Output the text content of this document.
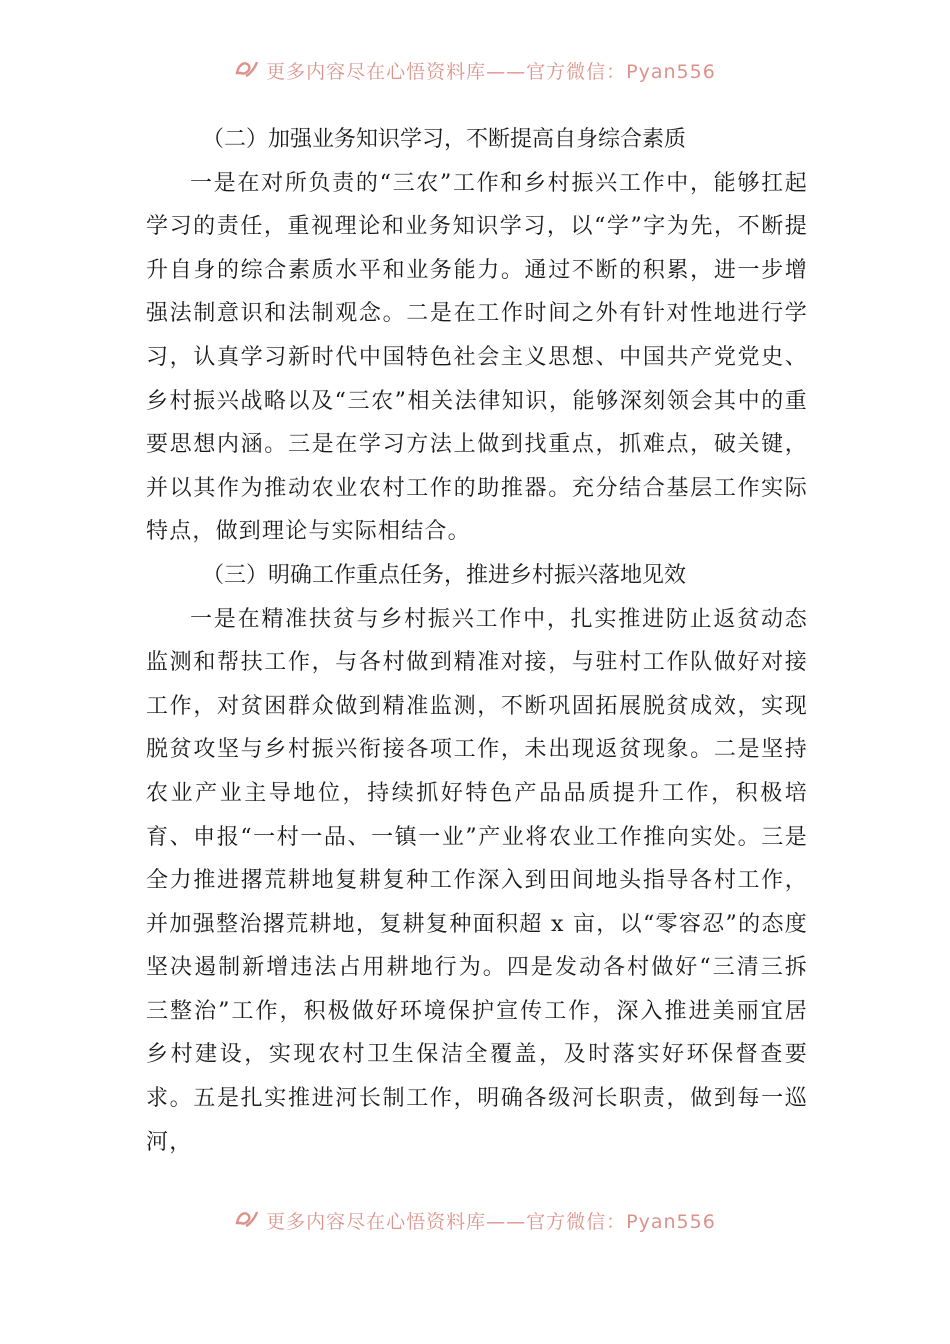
更多内容尽在心悟资料库——官方微信：Pyan556

（二）加强业务知识学习，不断提高自身综合素质

一是在对所负责的“三农”工作和乡村振兴工作中，能够扛起学习的责任，重视理论和业务知识学习，以“学”字为先，不断提升自身的综合素质水平和业务能力。通过不断的积累，进一步增强法制意识和法制观念。二是在工作时间之外有针对性地进行学习，认真学习新时代中国特色社会主义思想、中国共产党党史、乡村振兴战略以及“三农”相关法律知识，能够深刻领会其中的重要思想内涵。三是在学习方法上做到找重点，抓难点，破关键，并以其作为推动农业农村工作的助推器。充分结合基层工作实际特点，做到理论与实际相结合。

（三）明确工作重点任务，推进乡村振兴落地见效

一是在精准扶贫与乡村振兴工作中，扎实推进防止返贫动态监测和帮扶工作，与各村做到精准对接，与驻村工作队做好对接工作，对贫困群众做到精准监测，不断巩固拓展脱贫成效，实现脱贫攻坚与乡村振兴衔接各项工作，未出现返贫现象。二是坚持农业产业主导地位，持续抓好特色产品品质提升工作，积极培育、申报“一村一品、一镇一业”产业将农业工作推向实处。三是全力推进撂荒耕地复耕复种工作深入到田间地头指导各村工作，并加强整治撂荒耕地，复耕复种面积超 x 亩，以“零容忍”的态度坚决遏制新增违法占用耕地行为。四是发动各村做好“三清三拆三整治”工作，积极做好环境保护宣传工作，深入推进美丽宜居乡村建设，实现农村卫生保洁全覆盖，及时落实好环保督查要求。五是扎实推进河长制工作，明确各级河长职责，做到每一巡河，

更多内容尽在心悟资料库——官方微信：Pyan556
